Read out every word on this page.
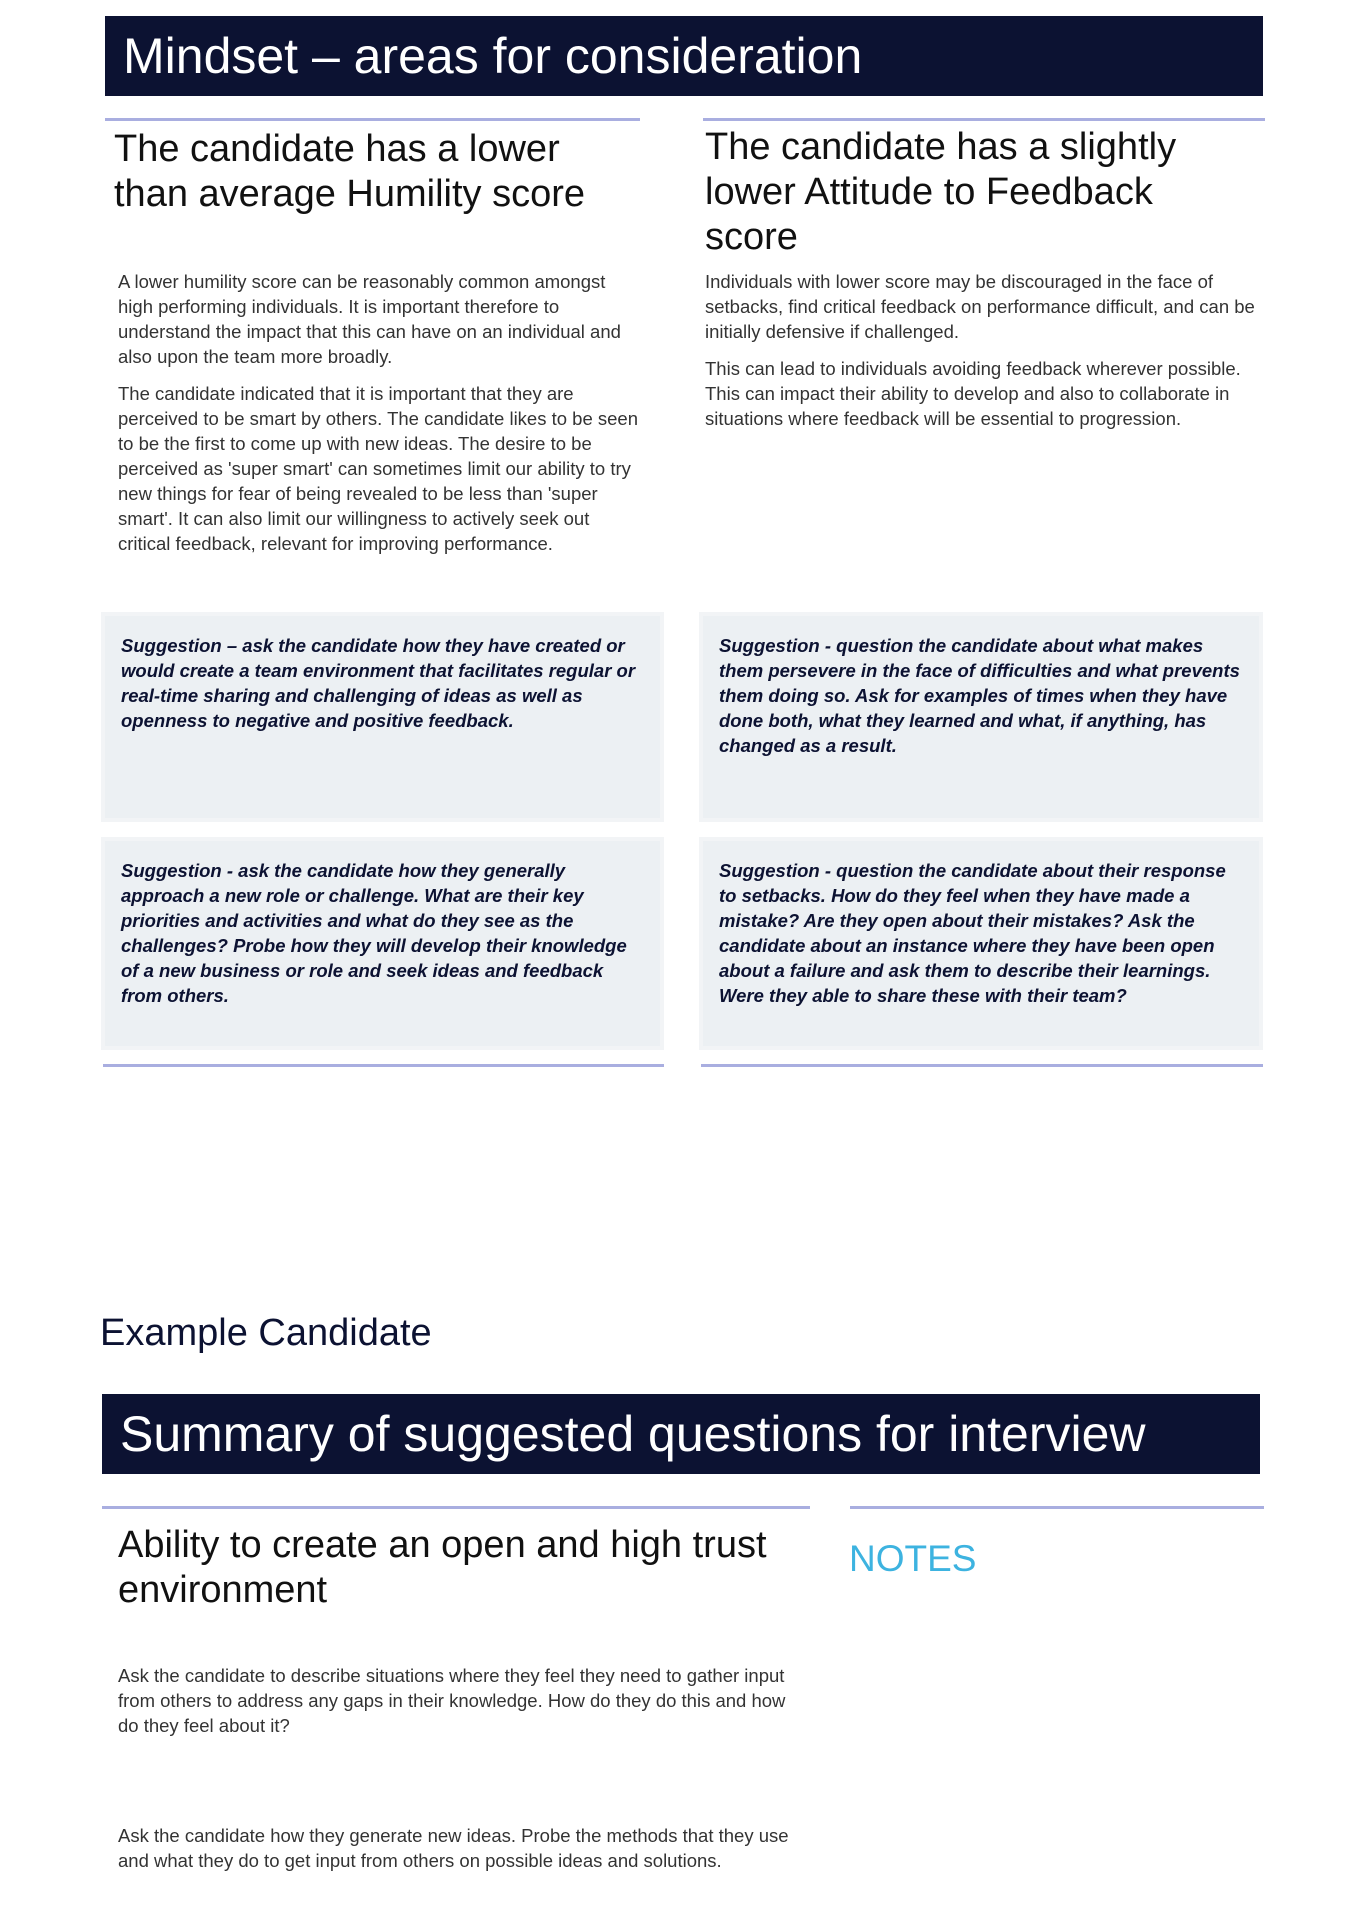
Mindset – areas for consideration
The candidate has a lower than average Humility score

A lower humility score can be reasonably common amongst high performing individuals. It is important therefore to understand the impact that this can have on an individual and also upon the team more broadly.

The candidate indicated that it is important that they are perceived to be smart by others. The candidate likes to be seen to be the first to come up with new ideas. The desire to be perceived as 'super smart' can sometimes limit our ability to try new things for fear of being revealed to be less than 'super smart'. It can also limit our willingness to actively seek out critical feedback, relevant for improving performance.

Suggestion – ask the candidate how they have created or would create a team environment that facilitates regular or real-time sharing and challenging of ideas as well as openness to negative and positive feedback.
Suggestion - ask the candidate how they generally approach a new role or challenge. What are their key priorities and activities and what do they see as the challenges? Probe how they will develop their knowledge of a new business or role and seek ideas and feedback from others.
The candidate has a slightly lower Attitude to Feedback score

Individuals with lower score may be discouraged in the face of setbacks, find critical feedback on performance difficult, and can be initially defensive if challenged.

This can lead to individuals avoiding feedback wherever possible. This can impact their ability to develop and also to collaborate in situations where feedback will be essential to progression.

Suggestion - question the candidate about what makes them persevere in the face of difficulties and what prevents them doing so. Ask for examples of times when they have done both, what they learned and what, if anything, has changed as a result.
Suggestion - question the candidate about their response to setbacks. How do they feel when they have made a mistake? Are they open about their mistakes? Ask the candidate about an instance where they have been open about a failure and ask them to describe their learnings. Were they able to share these with their team?
Example Candidate
Summary of suggested questions for interview
Ability to create an open and high trust environment
Ask the candidate to describe situations where they feel they need to gather input from others to address any gaps in their knowledge. How do they do this and how do they feel about it?
Ask the candidate how they generate new ideas. Probe the methods that they use and what they do to get input from others on possible ideas and solutions.
NOTES
